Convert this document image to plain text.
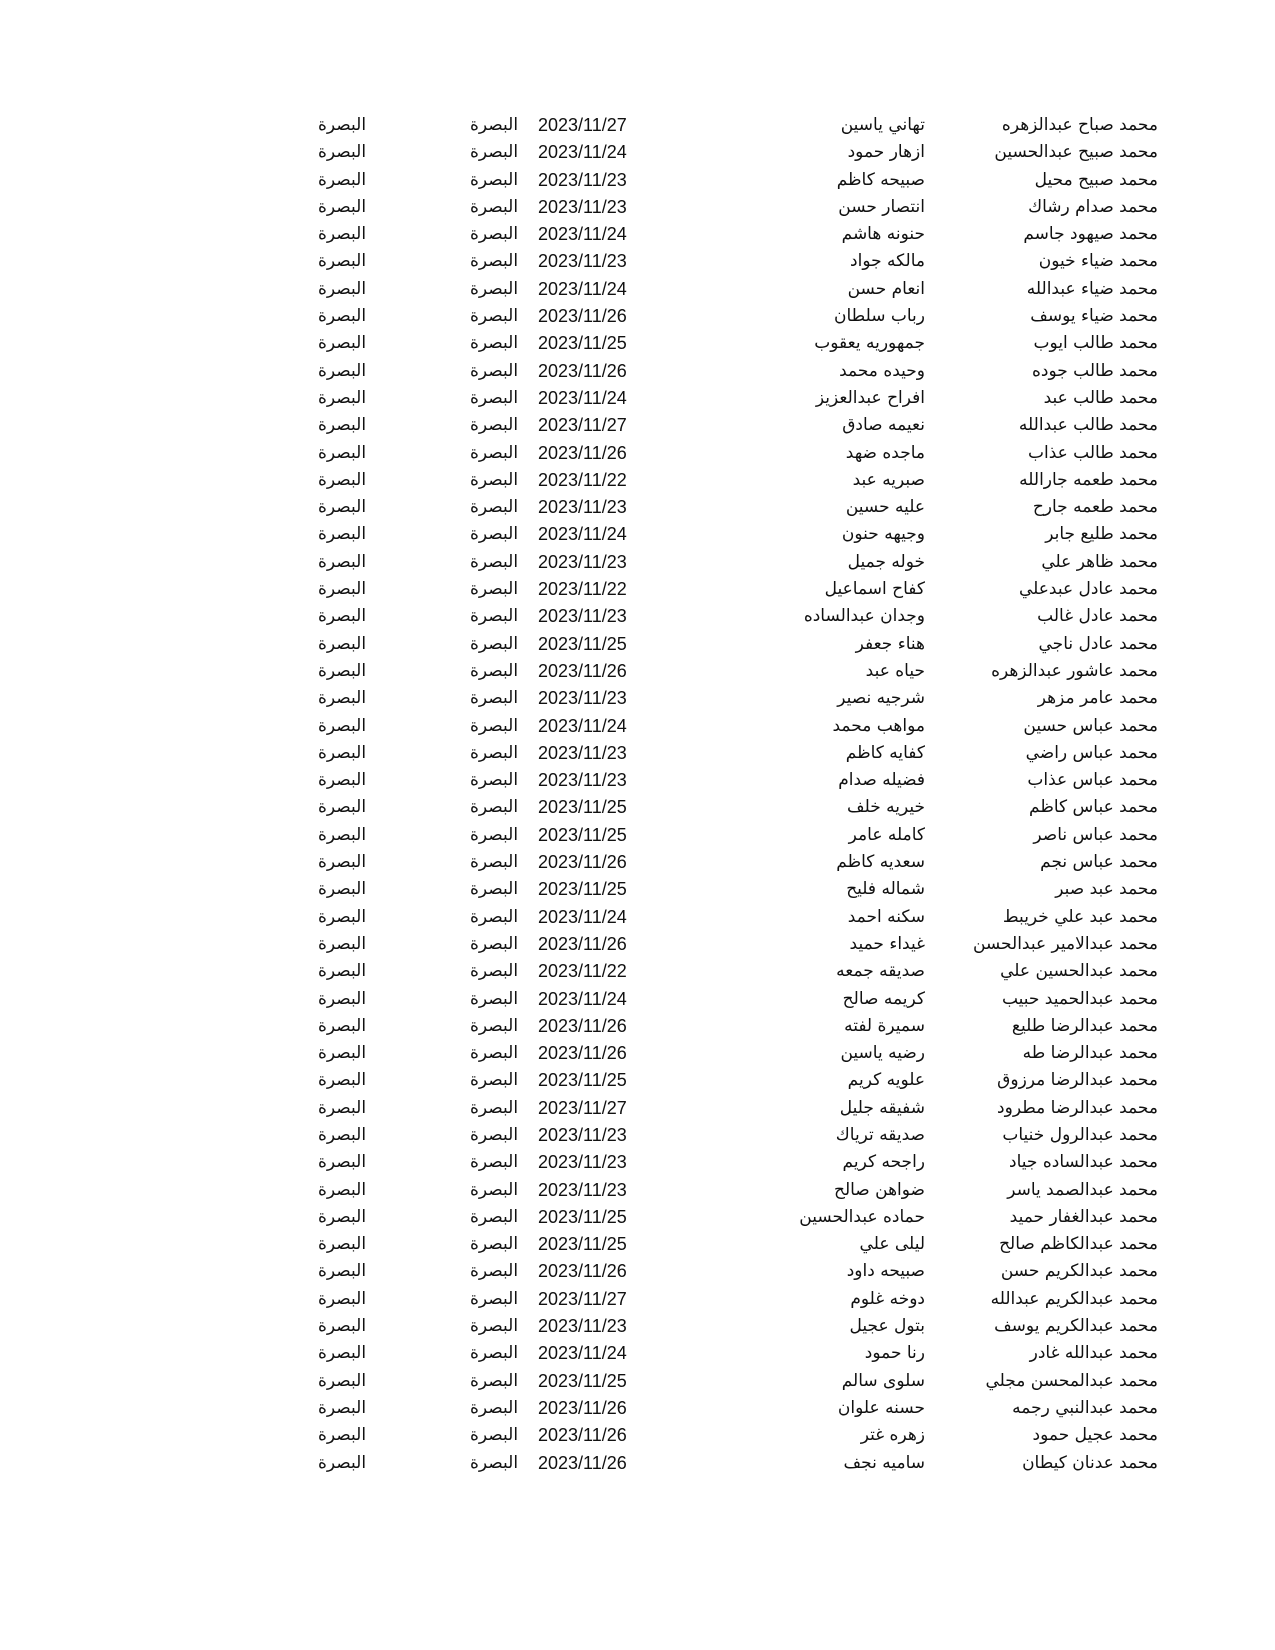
محمد صباح عبدالزهره
تهاني ياسين
2023/11/27
البصرة
البصرة
محمد صبيح عبدالحسين
ازهار حمود
2023/11/24
البصرة
البصرة
محمد صبيح محيل
صبيحه كاظم
2023/11/23
البصرة
البصرة
محمد صدام رشاك
انتصار حسن
2023/11/23
البصرة
البصرة
محمد صيهود جاسم
حنونه هاشم
2023/11/24
البصرة
البصرة
محمد ضياء خيون
مالكه جواد
2023/11/23
البصرة
البصرة
محمد ضياء عبدالله
انعام حسن
2023/11/24
البصرة
البصرة
محمد ضياء يوسف
رباب سلطان
2023/11/26
البصرة
البصرة
محمد طالب ايوب
جمهوريه يعقوب
2023/11/25
البصرة
البصرة
محمد طالب جوده
وحيده محمد
2023/11/26
البصرة
البصرة
محمد طالب عبد
افراح عبدالعزيز
2023/11/24
البصرة
البصرة
محمد طالب عبدالله
نعيمه صادق
2023/11/27
البصرة
البصرة
محمد طالب عذاب
ماجده ضهد
2023/11/26
البصرة
البصرة
محمد طعمه جارالله
صبريه عبد
2023/11/22
البصرة
البصرة
محمد طعمه جارح
عليه حسين
2023/11/23
البصرة
البصرة
محمد طليع جابر
وجيهه حنون
2023/11/24
البصرة
البصرة
محمد ظاهر علي
خوله جميل
2023/11/23
البصرة
البصرة
محمد عادل عبدعلي
كفاح اسماعيل
2023/11/22
البصرة
البصرة
محمد عادل غالب
وجدان عبدالساده
2023/11/23
البصرة
البصرة
محمد عادل ناجي
هناء جعفر
2023/11/25
البصرة
البصرة
محمد عاشور عبدالزهره
حياه عبد
2023/11/26
البصرة
البصرة
محمد عامر مزهر
شرجيه نصير
2023/11/23
البصرة
البصرة
محمد عباس حسين
مواهب محمد
2023/11/24
البصرة
البصرة
محمد عباس راضي
كفايه كاظم
2023/11/23
البصرة
البصرة
محمد عباس عذاب
فضيله صدام
2023/11/23
البصرة
البصرة
محمد عباس كاظم
خيريه خلف
2023/11/25
البصرة
البصرة
محمد عباس ناصر
كامله عامر
2023/11/25
البصرة
البصرة
محمد عباس نجم
سعديه كاظم
2023/11/26
البصرة
البصرة
محمد عبد صبر
شماله فليح
2023/11/25
البصرة
البصرة
محمد عبد علي خريبط
سكنه احمد
2023/11/24
البصرة
البصرة
محمد عبدالامير عبدالحسن
غيداء حميد
2023/11/26
البصرة
البصرة
محمد عبدالحسين علي
صديقه جمعه
2023/11/22
البصرة
البصرة
محمد عبدالحميد حبيب
كريمه صالح
2023/11/24
البصرة
البصرة
محمد عبدالرضا طليع
سميرة لفته
2023/11/26
البصرة
البصرة
محمد عبدالرضا طه
رضيه ياسين
2023/11/26
البصرة
البصرة
محمد عبدالرضا مرزوق
علويه كريم
2023/11/25
البصرة
البصرة
محمد عبدالرضا مطرود
شفيقه جليل
2023/11/27
البصرة
البصرة
محمد عبدالرول خنياب
صديقه ترياك
2023/11/23
البصرة
البصرة
محمد عبدالساده جياد
راجحه كريم
2023/11/23
البصرة
البصرة
محمد عبدالصمد ياسر
ضواهن صالح
2023/11/23
البصرة
البصرة
محمد عبدالغفار حميد
حماده عبدالحسين
2023/11/25
البصرة
البصرة
محمد عبدالكاظم صالح
ليلى علي
2023/11/25
البصرة
البصرة
محمد عبدالكريم حسن
صبيحه داود
2023/11/26
البصرة
البصرة
محمد عبدالكريم عبدالله
دوخه غلوم
2023/11/27
البصرة
البصرة
محمد عبدالكريم يوسف
بتول عجيل
2023/11/23
البصرة
البصرة
محمد عبدالله غادر
رنا حمود
2023/11/24
البصرة
البصرة
محمد عبدالمحسن مجلي
سلوى سالم
2023/11/25
البصرة
البصرة
محمد عبدالنبي رجمه
حسنه علوان
2023/11/26
البصرة
البصرة
محمد عجيل حمود
زهره غتر
2023/11/26
البصرة
البصرة
محمد عدنان كيطان
ساميه نجف
2023/11/26
البصرة
البصرة
